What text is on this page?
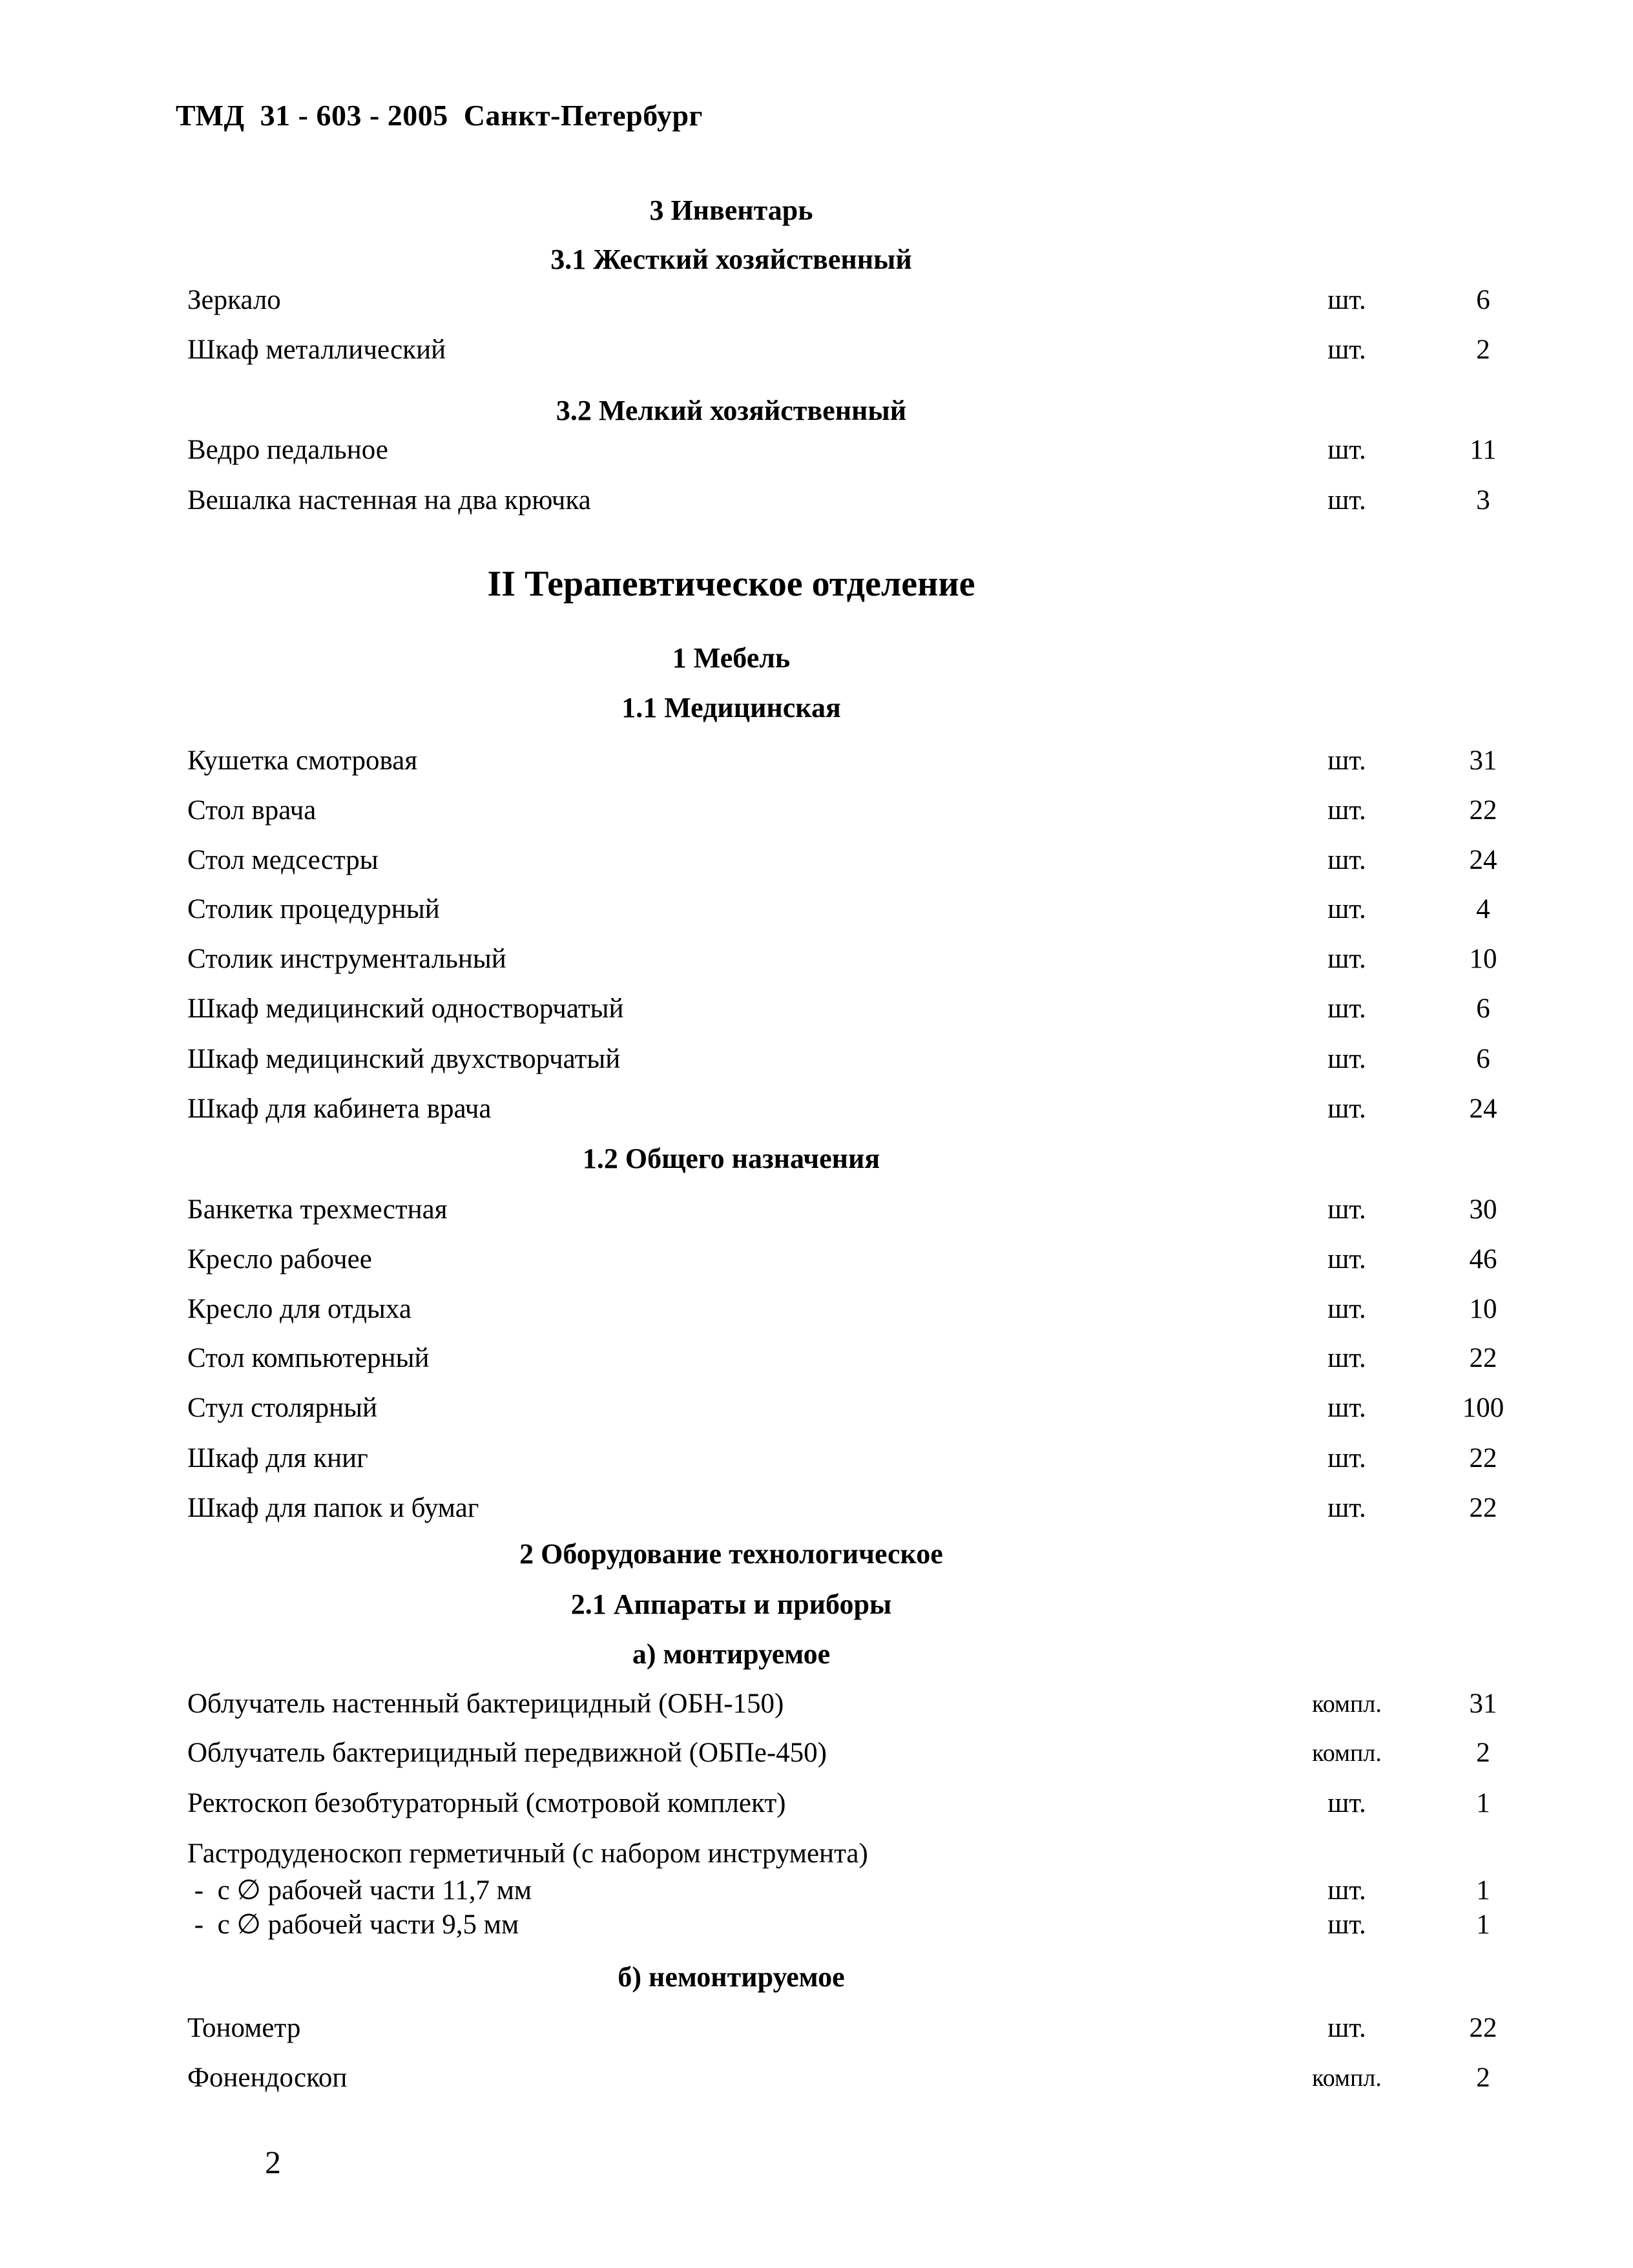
ТМД  31 - 603 - 2005  Санкт-Петербург
3 Инвентарь
3.1 Жесткий хозяйственный
3.2 Мелкий хозяйственный
II Терапевтическое отделение
1 Мебель
1.1 Медицинская
1.2 Общего назначения
2 Оборудование технологическое
2.1 Аппараты и приборы
а) монтируемое
б) немонтируемое
Зеркало	шт.	6
Шкаф металлический	шт.	2
Ведро педальное	шт.	11
Вешалка настенная на два крючка	шт.	3
Кушетка смотровая	шт.	31
Стол врача	шт.	22
Стол медсестры	шт.	24
Столик процедурный	шт.	4
Столик инструментальный	шт.	10
Шкаф медицинский одностворчатый	шт.	6
Шкаф медицинский двухстворчатый	шт.	6
Шкаф для кабинета врача	шт.	24
Банкетка трехместная	шт.	30
Кресло рабочее	шт.	46
Кресло для отдыха	шт.	10
Стол компьютерный	шт.	22
Стул столярный	шт.	100
Шкаф для книг	шт.	22
Шкаф для папок и бумаг	шт.	22
Облучатель настенный бактерицидный (ОБН-150)	компл.	31
Облучатель бактерицидный передвижной (ОБПе-450)	компл.	2
Ректоскоп безобтураторный (смотровой комплект)	шт.	1
Гастродуденоскоп герметичный (с набором инструмента)
-  с ∅ рабочей части 11,7 мм	шт.	1
-  с ∅ рабочей части 9,5 мм	шт.	1
Тонометр	шт.	22
Фонендоскоп	компл.	2
2
